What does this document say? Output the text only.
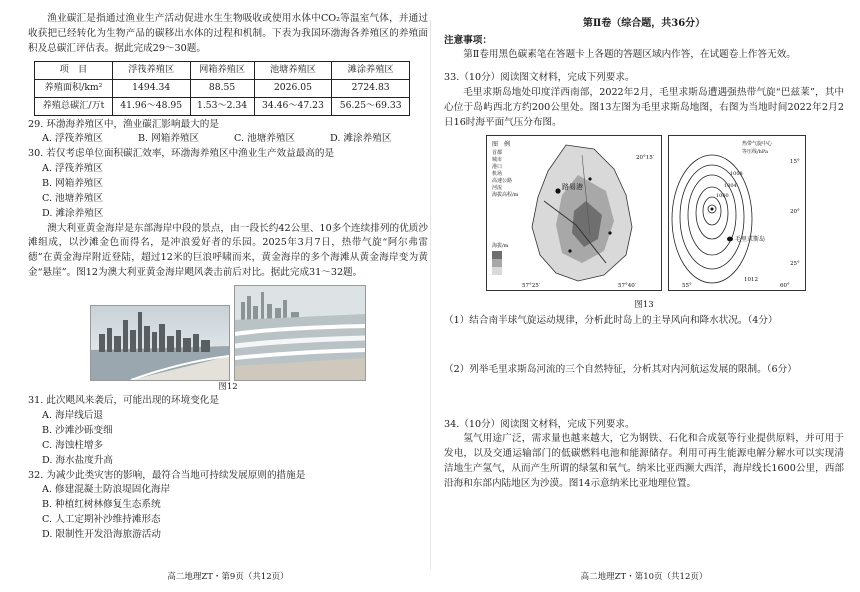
渔业碳汇是指通过渔业生产活动促进水生生物吸收或使用水体中CO₂等温室气体，并通过收获把已经转化为生物产品的碳移出水体的过程和机制。下表为我国环渤海各养殖区的养殖面积及总碳汇评估表。据此完成29～30题。

项　目	浮筏养殖区	网箱养殖区	池塘养殖区	滩涂养殖区
养殖面积/km²	1494.34	88.55	2026.05	2724.83
养殖总碳汇/万t	41.96～48.95	1.53～2.34	34.46～47.23	56.25～69.33

29. 环渤海养殖区中，渔业碳汇影响最大的是

A. 浮筏养殖区	B. 网箱养殖区	C. 池塘养殖区	D. 滩涂养殖区

30. 若仅考虑单位面积碳汇效率，环渤海养殖区中渔业生产效益最高的是

A. 浮筏养殖区B. 网箱养殖区

C. 池塘养殖区D. 滩涂养殖区

澳大利亚黄金海岸是东部海岸中段的景点，由一段长约42公里、10多个连续排列的优质沙滩组成，以沙滩金色而得名，是冲浪爱好者的乐园。2025年3月7日，热带气旋“阿尔弗雷德”在黄金海岸附近登陆，超过12米的巨浪呼啸而来，黄金海岸的多个海滩从黄金海岸变为黄金“悬崖”。图12为澳大利亚黄金海岸飓风袭击前后对比。据此完成31～32题。

图12

31. 此次飓风来袭后，可能出现的环境变化是

A. 海岸线后退

B. 沙滩沙砾变细

C. 海蚀柱增多

D. 海水盐度升高

32. 为减少此类灾害的影响，最符合当地可持续发展原则的措施是

A. 修建混凝土防浪堤固化海岸

B. 种植红树林修复生态系统

C. 人工定期补沙维持滩形态

D. 限制性开发沿海旅游活动

高二地理ZT・第9页（共12页）

第Ⅱ卷（综合题，共36分）

注意事项：

第Ⅱ卷用黑色碳素笔在答题卡上各题的答题区域内作答，在试题卷上作答无效。

33.（10分）阅读图文材料，完成下列要求。

毛里求斯岛地处印度洋西南部，2022年2月，毛里求斯岛遭遇强热带气旋“巴兹莱”，其中心位于岛屿西北方约200公里处。图13左图为毛里求斯岛地图，右图为当地时间2022年2月2日16时海平面气压分布图。

路易港
图　例
首都
城市
港口
机场
高速公路
河流
海拔高程/m
海拔/m
20°15′
57°25′	57°40′
毛里求斯岛
热带气旋中心
等压线/hPa
1012
1008
1004
1000
55°	60°
15°
20°
25°

图13

（1）结合南半球气旋运动规律，分析此时岛上的主导风向和降水状况。（4分）

（2）列举毛里求斯岛河流的三个自然特征，分析其对内河航运发展的限制。（6分）

34.（10分）阅读图文材料，完成下列要求。

氢气用途广泛，需求量也越来越大，它为钢铁、石化和合成氨等行业提供原料，并可用于发电，以及交通运输部门的低碳燃料电池和能源储存。利用可再生能源电解分解水可以实现清洁地生产氢气，从而产生所谓的绿氢和氧气。纳米比亚西濒大西洋，海岸线长1600公里，西部沿海和东部内陆地区为沙漠。图14示意纳米比亚地理位置。

高二地理ZT・第10页（共12页）
